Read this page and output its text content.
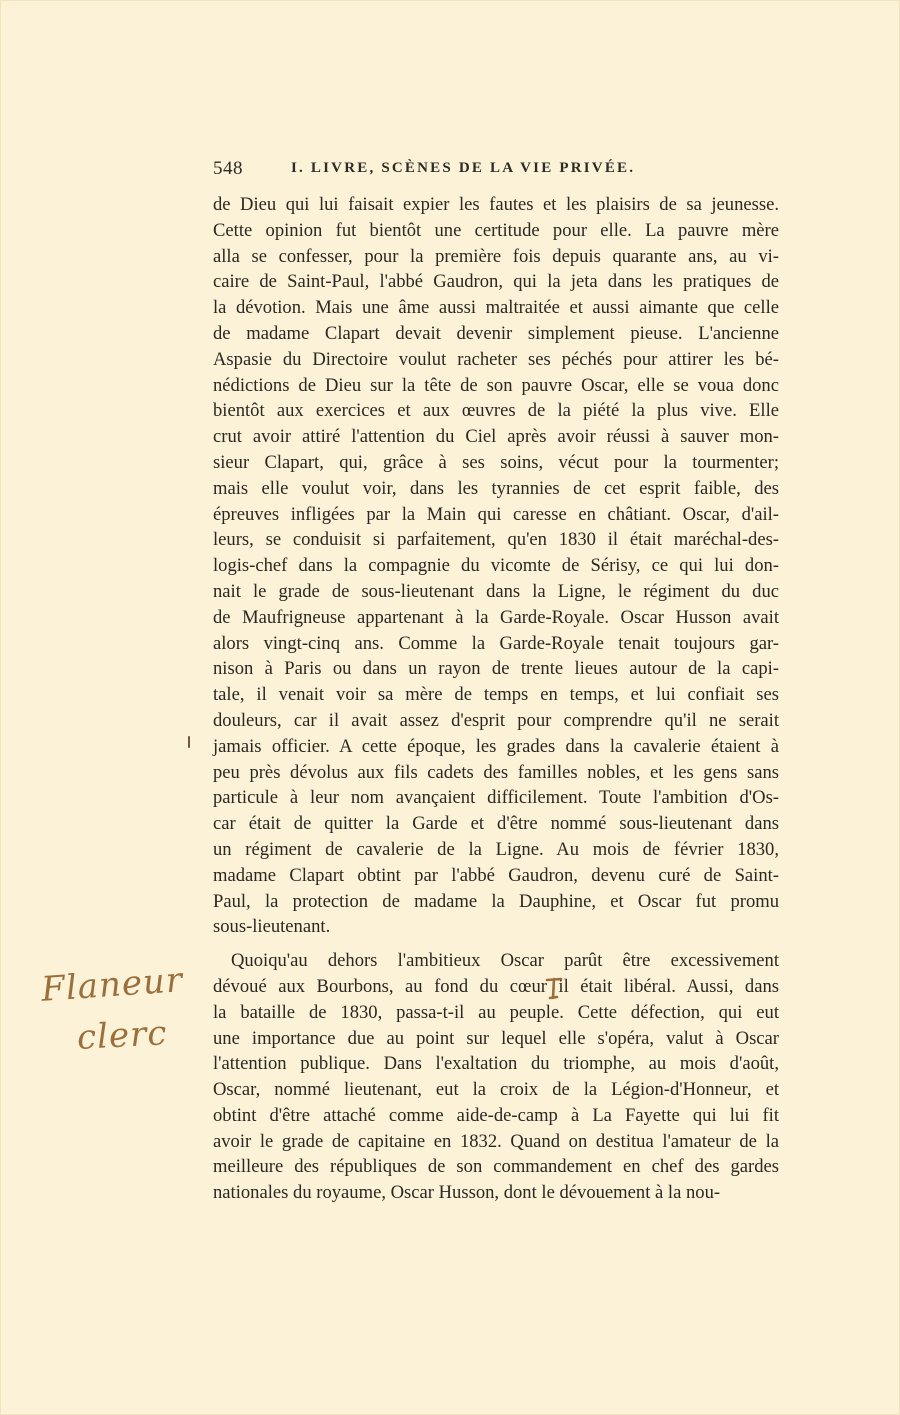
548	I. LIVRE, SCÈNES DE LA VIE PRIVÉE.
Flaneur
clerc
de Dieu qui lui faisait expier les fautes et les plaisirs de sa jeunesse.
Cette opinion fut bientôt une certitude pour elle. La pauvre mère
alla se confesser, pour la première fois depuis quarante ans, au vi-
caire de Saint-Paul, l'abbé Gaudron, qui la jeta dans les pratiques de
la dévotion. Mais une âme aussi maltraitée et aussi aimante que celle
de madame Clapart devait devenir simplement pieuse. L'ancienne
Aspasie du Directoire voulut racheter ses péchés pour attirer les bé-
nédictions de Dieu sur la tête de son pauvre Oscar, elle se voua donc
bientôt aux exercices et aux œuvres de la piété la plus vive. Elle
crut avoir attiré l'attention du Ciel après avoir réussi à sauver mon-
sieur Clapart, qui, grâce à ses soins, vécut pour la tourmenter;
mais elle voulut voir, dans les tyrannies de cet esprit faible, des
épreuves infligées par la Main qui caresse en châtiant. Oscar, d'ail-
leurs, se conduisit si parfaitement, qu'en 1830 il était maréchal-des-
logis-chef dans la compagnie du vicomte de Sérisy, ce qui lui don-
nait le grade de sous-lieutenant dans la Ligne, le régiment du duc
de Maufrigneuse appartenant à la Garde-Royale. Oscar Husson avait
alors vingt-cinq ans. Comme la Garde-Royale tenait toujours gar-
nison à Paris ou dans un rayon de trente lieues autour de la capi-
tale, il venait voir sa mère de temps en temps, et lui confiait ses
douleurs, car il avait assez d'esprit pour comprendre qu'il ne serait
jamais officier. A cette époque, les grades dans la cavalerie étaient à
peu près dévolus aux fils cadets des familles nobles, et les gens sans
particule à leur nom avançaient difficilement. Toute l'ambition d'Os-
car était de quitter la Garde et d'être nommé sous-lieutenant dans
un régiment de cavalerie de la Ligne. Au mois de février 1830,
madame Clapart obtint par l'abbé Gaudron, devenu curé de Saint-
Paul, la protection de madame la Dauphine, et Oscar fut promu
sous-lieutenant.
Quoiqu'au dehors l'ambitieux Oscar parût être excessivement
dévoué aux Bourbons, au fond du cœur il était libéral. Aussi, dans
la bataille de 1830, passa-t-il au peuple. Cette défection, qui eut
une importance due au point sur lequel elle s'opéra, valut à Oscar
l'attention publique. Dans l'exaltation du triomphe, au mois d'août,
Oscar, nommé lieutenant, eut la croix de la Légion-d'Honneur, et
obtint d'être attaché comme aide-de-camp à La Fayette qui lui fit
avoir le grade de capitaine en 1832. Quand on destitua l'amateur de la
meilleure des républiques de son commandement en chef des gardes
nationales du royaume, Oscar Husson, dont le dévouement à la nou-
